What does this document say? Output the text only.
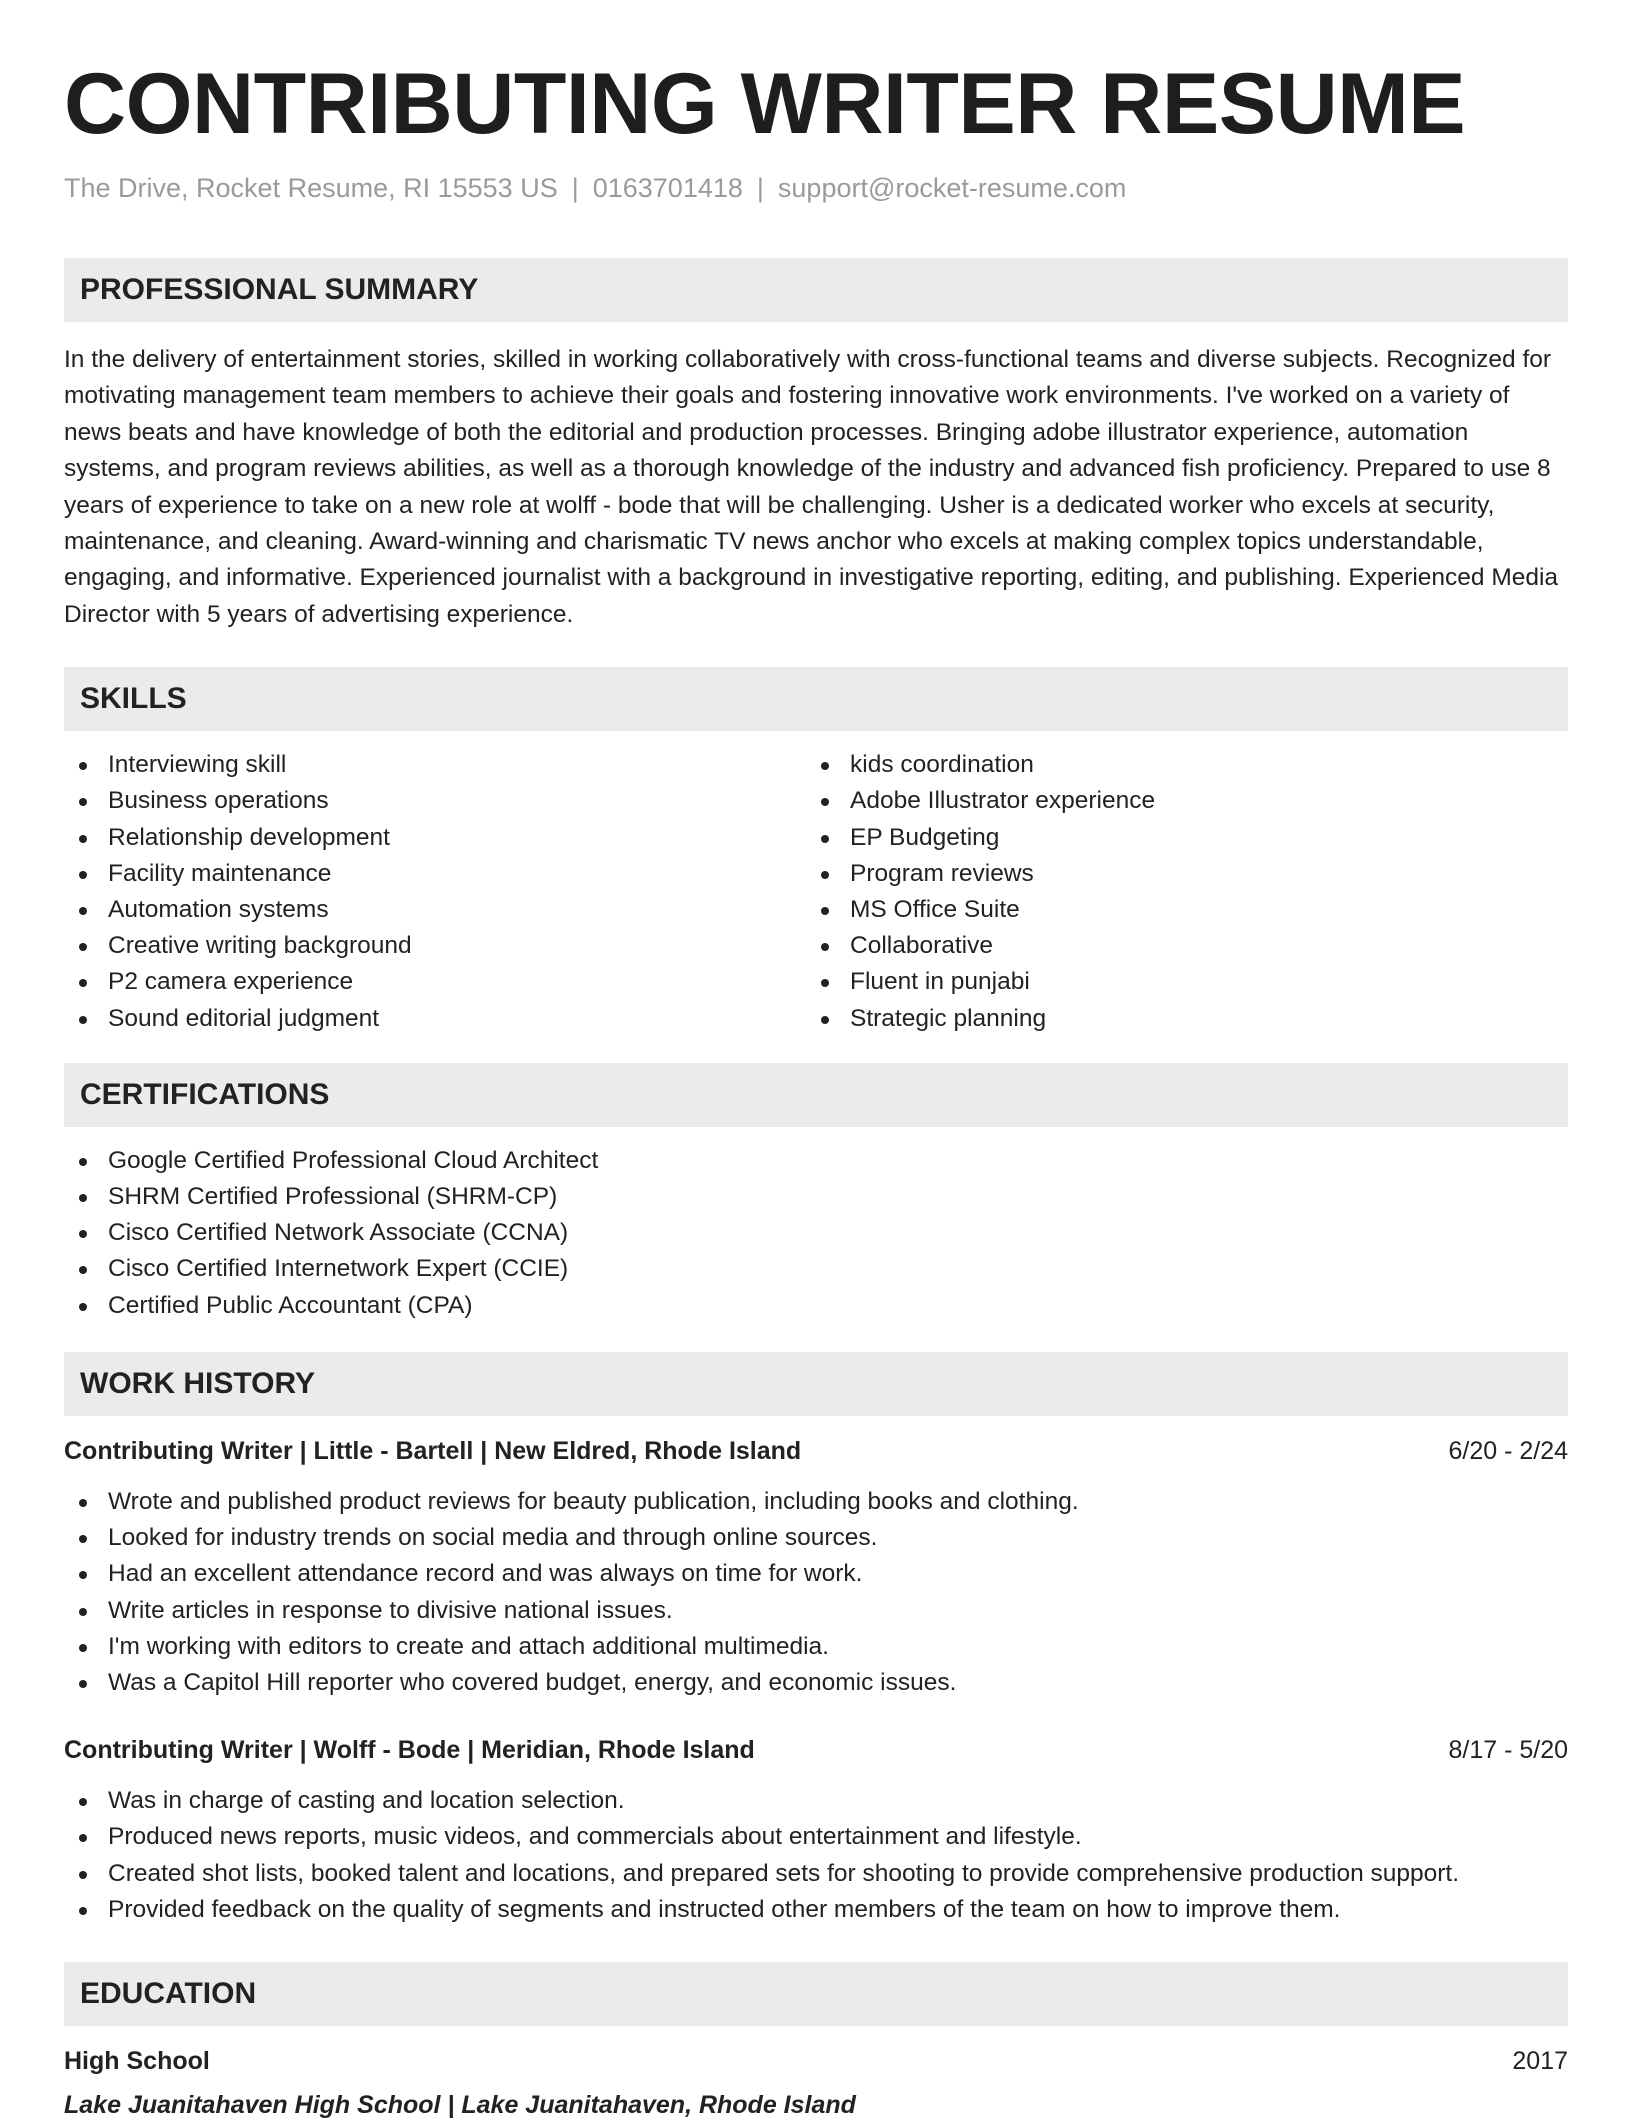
CONTRIBUTING WRITER RESUME
The Drive, Rocket Resume, RI 15553 US | 0163701418 | support@rocket-resume.com
PROFESSIONAL SUMMARY

In the delivery of entertainment stories, skilled in working collaboratively with cross-functional teams and diverse subjects. Recognized for motivating management team members to achieve their goals and fostering innovative work environments. I've worked on a variety of news beats and have knowledge of both the editorial and production processes. Bringing adobe illustrator experience, automation systems, and program reviews abilities, as well as a thorough knowledge of the industry and advanced fish proficiency. Prepared to use 8 years of experience to take on a new role at wolff - bode that will be challenging. Usher is a dedicated worker who excels at security, maintenance, and cleaning. Award-winning and charismatic TV news anchor who excels at making complex topics understandable, engaging, and informative. Experienced journalist with a background in investigative reporting, editing, and publishing. Experienced Media Director with 5 years of advertising experience.

SKILLS
Interviewing skill
Business operations
Relationship development
Facility maintenance
Automation systems
Creative writing background
P2 camera experience
Sound editorial judgment
kids coordination
Adobe Illustrator experience
EP Budgeting
Program reviews
MS Office Suite
Collaborative
Fluent in punjabi
Strategic planning
CERTIFICATIONS
Google Certified Professional Cloud Architect
SHRM Certified Professional (SHRM-CP)
Cisco Certified Network Associate (CCNA)
Cisco Certified Internetwork Expert (CCIE)
Certified Public Accountant (CPA)
WORK HISTORY
Contributing Writer | Little - Bartell | New Eldred, Rhode Island	6/20 - 2/24
Wrote and published product reviews for beauty publication, including books and clothing.
Looked for industry trends on social media and through online sources.
Had an excellent attendance record and was always on time for work.
Write articles in response to divisive national issues.
I'm working with editors to create and attach additional multimedia.
Was a Capitol Hill reporter who covered budget, energy, and economic issues.
Contributing Writer | Wolff - Bode | Meridian, Rhode Island	8/17 - 5/20
Was in charge of casting and location selection.
Produced news reports, music videos, and commercials about entertainment and lifestyle.
Created shot lists, booked talent and locations, and prepared sets for shooting to provide comprehensive production support.
Provided feedback on the quality of segments and instructed other members of the team on how to improve them.
EDUCATION
High School	2017
Lake Juanitahaven High School | Lake Juanitahaven, Rhode Island
